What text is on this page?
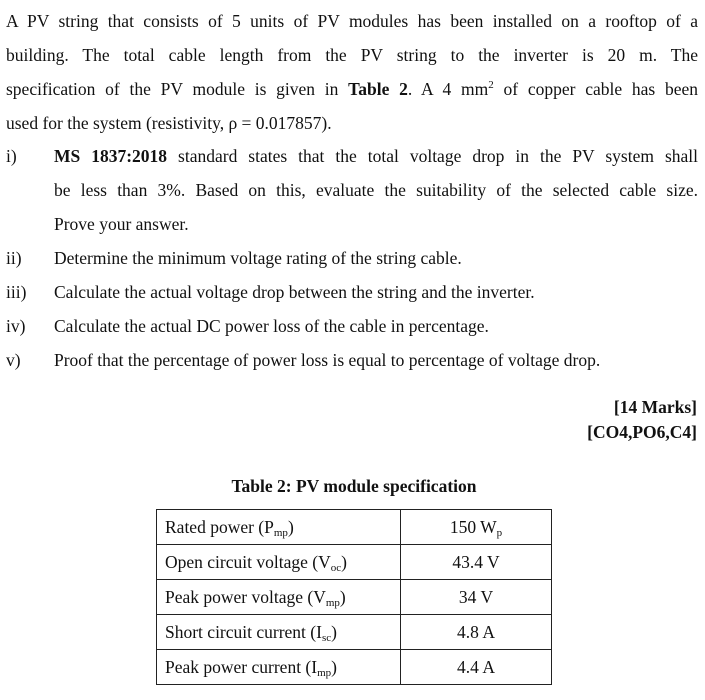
A PV string that consists of 5 units of PV modules has been installed on a rooftop of a
building. The total cable length from the PV string to the inverter is 20 m. The
specification of the PV module is given in Table 2. A 4 $mm^2$ of copper cable has been
used for the system (resistivity, ρ = 0.017857).
i) MS 1837:2018 standard states that the total voltage drop in the PV system shall
be less than 3%. Based on this, evaluate the suitability of the selected cable size.
Prove your answer.
ii) Determine the minimum voltage rating of the string cable.
iii) Calculate the actual voltage drop between the string and the inverter.
iv) Calculate the actual DC power loss of the cable in percentage.
v) Proof that the percentage of power loss is equal to percentage of voltage drop.
[14 Marks]
[CO4,PO6,C4]
Table 2: PV module specification
Rated power $(P_{mp})$	150 $W_p$
Open circuit voltage $(V_{oc})$	43.4 V
Peak power voltage $(V_{mp})$	34 V
Short circuit current $(I_{sc})$	4.8 A
Peak power current $(I_{mp})$	4.4 A
